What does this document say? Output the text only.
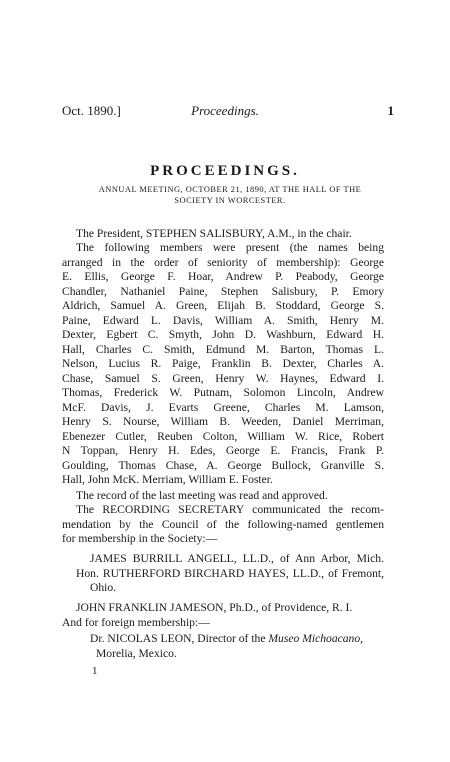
Oct. 1890.]	Proceedings.	1
PROCEEDINGS.
ANNUAL MEETING, OCTOBER 21, 1890, AT THE HALL OF THE
SOCIETY IN WORCESTER.
The President, STEPHEN SALISBURY, A.M., in the chair.
The following members were present (the names being
arranged in the order of seniority of membership): George
E. Ellis, George F. Hoar, Andrew P. Peabody, George
Chandler, Nathaniel Paine, Stephen Salisbury, P. Emory
Aldrich, Samuel A. Green, Elijah B. Stoddard, George S.
Paine, Edward L. Davis, William A. Smith, Henry M.
Dexter, Egbert C. Smyth, John D. Washburn, Edward H.
Hall, Charles C. Smith, Edmund M. Barton, Thomas L.
Nelson, Lucius R. Paige, Franklin B. Dexter, Charles A.
Chase, Samuel S. Green, Henry W. Haynes, Edward I.
Thomas, Frederick W. Putnam, Solomon Lincoln, Andrew
McF. Davis, J. Evarts Greene, Charles M. Lamson,
Henry S. Nourse, William B. Weeden, Daniel Merriman,
Ebenezer Cutler, Reuben Colton, William W. Rice, Robert
N Toppan, Henry H. Edes, George E. Francis, Frank P.
Goulding, Thomas Chase, A. George Bullock, Granville S.
Hall, John McK. Merriam, William E. Foster.
The record of the last meeting was read and approved.
The RECORDING SECRETARY communicated the recom-
mendation by the Council of the following-named gentlemen
for membership in the Society:—
JAMES BURRILL ANGELL, LL.D., of Ann Arbor, Mich.
Hon. RUTHERFORD BIRCHARD HAYES, LL.D., of Fremont,
Ohio.
JOHN FRANKLIN JAMESON, Ph.D., of Providence, R. I.
And for foreign membership:—
Dr. NICOLAS LEON, Director of the Museo Michoacano,
Morelia, Mexico.
1
